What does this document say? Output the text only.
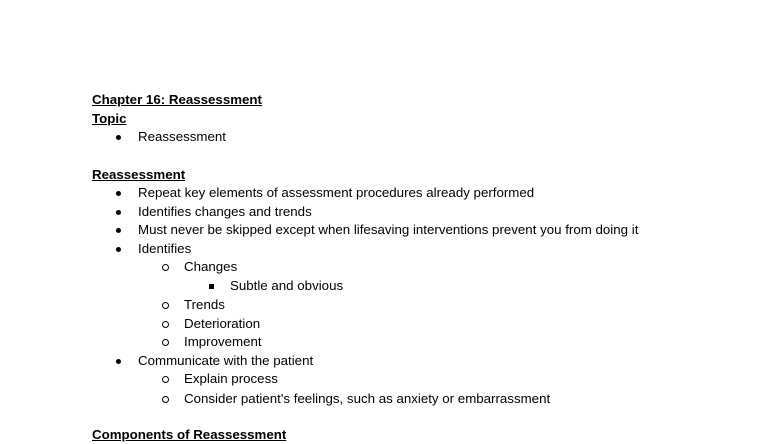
Chapter 16: Reassessment
Topic
Reassessment
Reassessment
Repeat key elements of assessment procedures already performed
Identifies changes and trends
Must never be skipped except when lifesaving interventions prevent you from doing it
Identifies
Changes
Subtle and obvious
Trends
Deterioration
Improvement
Communicate with the patient
Explain process
Consider patient's feelings, such as anxiety or embarrassment
Components of Reassessment
